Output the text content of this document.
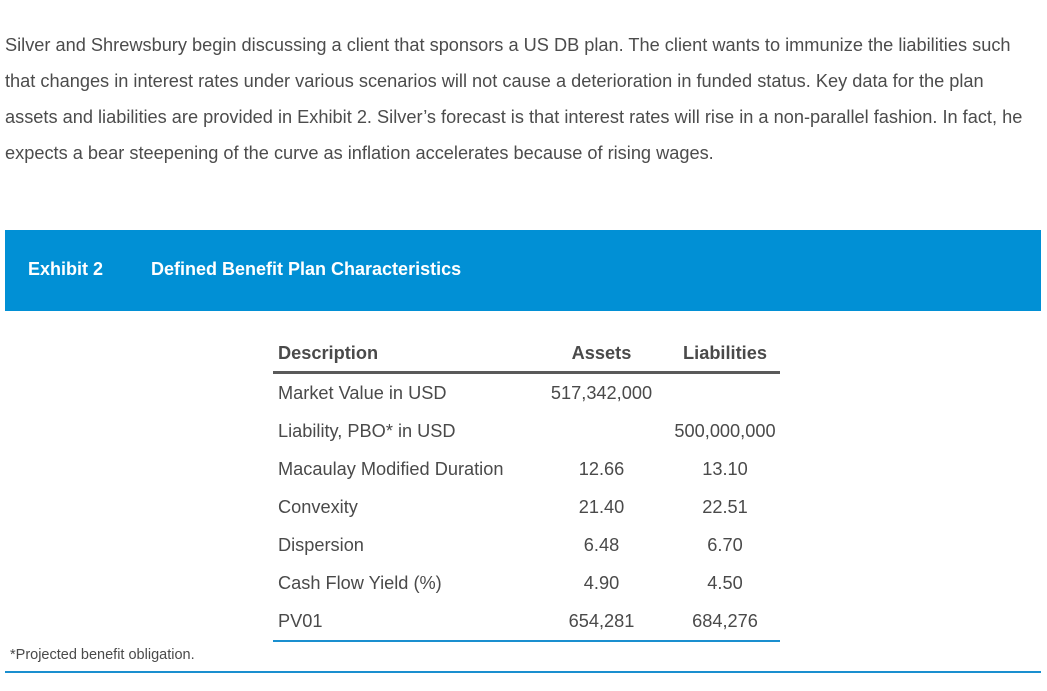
Silver and Shrewsbury begin discussing a client that sponsors a US DB plan. The client wants to immunize the liabilities such that changes in interest rates under various scenarios will not cause a deterioration in funded status. Key data for the plan assets and liabilities are provided in Exhibit 2. Silver’s forecast is that interest rates will rise in a non-parallel fashion. In fact, he expects a bear steepening of the curve as inflation accelerates because of rising wages.

Exhibit 2	Defined Benefit Plan Characteristics
Description	Assets	Liabilities
Market Value in USD	517,342,000	
Liability, PBO* in USD		500,000,000
Macaulay Modified Duration	12.66	13.10
Convexity	21.40	22.51
Dispersion	6.48	6.70
Cash Flow Yield (%)	4.90	4.50
PV01	654,281	684,276
*Projected benefit obligation.
